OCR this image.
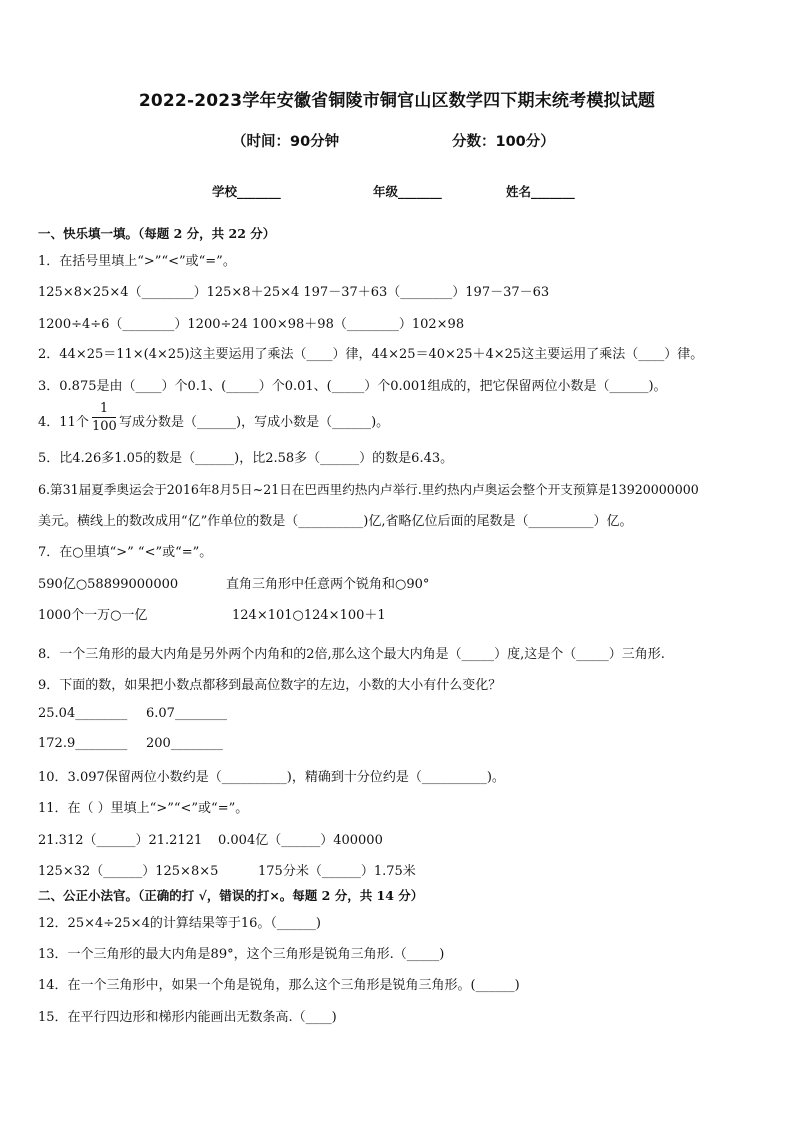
2022-2023学年安徽省铜陵市铜官山区数学四下期末统考模拟试题
（时间：90分钟	分数：100分）
学校_______	年级_______	姓名_______
一、快乐填一填。（每题 2 分，共 22 分）
1．在括号里填上“>”“<”或“=”。
125×8×25×4（________）125×8＋25×4 197－37＋63（________）197－37－63
1200÷4÷6（________）1200÷24 100×98＋98（________）102×98
2．44×25＝11×(4×25)这主要运用了乘法（____）律，44×25＝40×25＋4×25这主要运用了乘法（____）律。
3．0.875是由（____）个0.1、(_____）个0.01、(_____）个0.001组成的，把它保留两位小数是（______)。
4．11个 $\frac{1}{100}$ 写成分数是（______)，写成小数是（______)。
5．比4.26多1.05的数是（______)，比2.58多（______）的数是6.43。
6.第31届夏季奥运会于2016年8月5日~21日在巴西里约热内卢举行.里约热内卢奥运会整个开支预算是13920000000
美元。横线上的数改成用“亿”作单位的数是（__________)亿,省略亿位后面的尾数是（__________）亿。
7．在○里填“>” “<”或“=”。
590亿○58899000000	直角三角形中任意两个锐角和○90°
1000个一万○一亿	124×101○124×100＋1
8．一个三角形的最大内角是另外两个内角和的2倍,那么这个最大内角是（_____）度,这是个（_____）三角形.
9．下面的数，如果把小数点都移到最高位数字的左边，小数的大小有什么变化？
25.04________ 6.07________
172.9________ 200________
10．3.097保留两位小数约是（__________)，精确到十分位约是（__________)。
11．在（ ）里填上“>”“<”或“=”。
21.312（______）21.2121 0.004亿（______）400000
125×32（______）125×8×5	175分米（______）1.75米
二、公正小法官。（正确的打 √，错误的打×。每题 2 分，共 14 分）
12．25×4÷25×4的计算结果等于16。（______)
13．一个三角形的最大内角是89°，这个三角形是锐角三角形.（_____)
14．在一个三角形中，如果一个角是锐角，那么这个三角形是锐角三角形。(______)
15．在平行四边形和梯形内能画出无数条高.（____)
